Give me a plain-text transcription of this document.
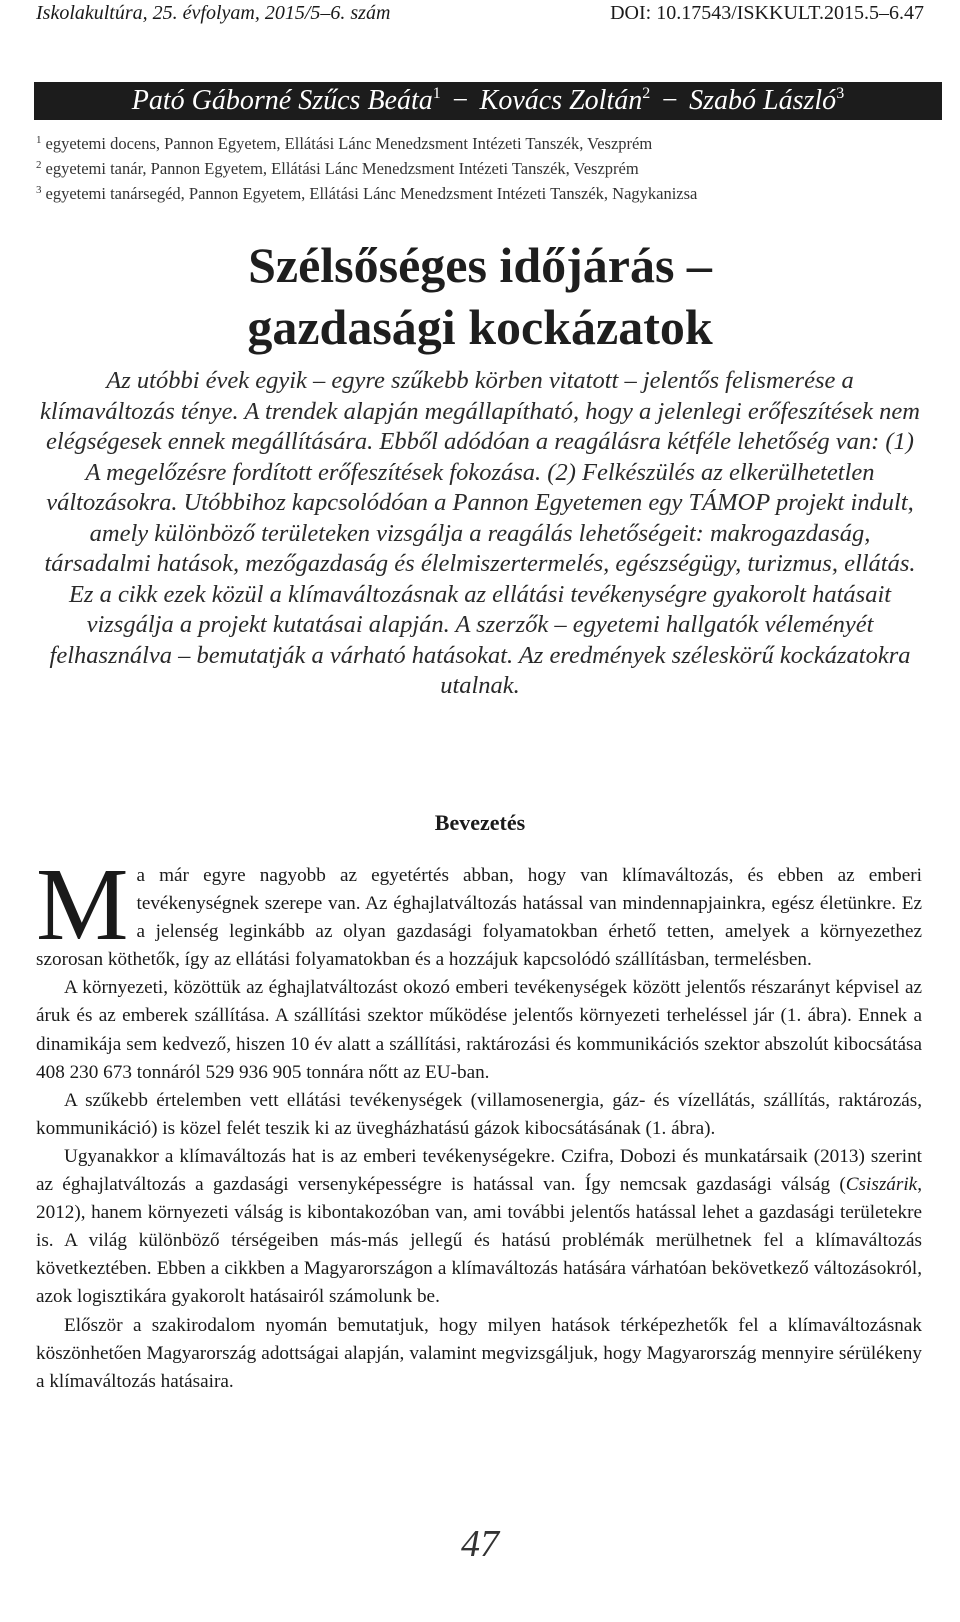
Iskolakultúra, 25. évfolyam, 2015/5–6. szám	DOI: 10.17543/ISKKULT.2015.5–6.47
Pató Gáborné Szűcs Beáta$^1$ − Kovács Zoltán$^2$ − Szabó László$^3$
$^1$ egyetemi docens, Pannon Egyetem, Ellátási Lánc Menedzsment Intézeti Tanszék, Veszprém
$^2$ egyetemi tanár, Pannon Egyetem, Ellátási Lánc Menedzsment Intézeti Tanszék, Veszprém
$^3$ egyetemi tanársegéd, Pannon Egyetem, Ellátási Lánc Menedzsment Intézeti Tanszék, Nagykanizsa
Szélsőséges időjárás –
gazdasági kockázatok
Az utóbbi évek egyik – egyre szűkebb körben vitatott – jelentős felismerése a klímaváltozás ténye. A trendek alapján megállapítható, hogy a jelenlegi erőfeszítések nem elégségesek ennek megállítására. Ebből adódóan a reagálásra kétféle lehetőség van: (1) A megelőzésre fordított erőfeszítések fokozása. (2) Felkészülés az elkerülhetetlen változásokra. Utóbbihoz kapcsolódóan a Pannon Egyetemen egy TÁMOP projekt indult, amely különböző területeken vizsgálja a reagálás lehetőségeit: makrogazdaság, társadalmi hatások, mezőgazdaság és élelmiszertermelés, egészségügy, turizmus, ellátás. Ez a cikk ezek közül a klímaváltozásnak az ellátási tevékenységre gyakorolt hatásait vizsgálja a projekt kutatásai alapján. A szerzők – egyetemi hallgatók véleményét felhasználva – bemutatják a várható hatásokat. Az eredmények széleskörű kockázatokra utalnak.
Bevezetés

Ma már egyre nagyobb az egyetértés abban, hogy van klímaváltozás, és ebben az emberi tevékenységnek szerepe van. Az éghajlatváltozás hatással van mindennapjainkra, egész életünkre. Ez a jelenség leginkább az olyan gazdasági folyamatokban érhető tetten, amelyek a környezethez szorosan köthetők, így az ellátási folyamatokban és a hozzájuk kapcsolódó szállításban, termelésben.

A környezeti, közöttük az éghajlatváltozást okozó emberi tevékenységek között jelentős részarányt képvisel az áruk és az emberek szállítása. A szállítási szektor működése jelentős környezeti terheléssel jár (1. ábra). Ennek a dinamikája sem kedvező, hiszen 10 év alatt a szállítási, raktározási és kommunikációs szektor abszolút kibocsátása 408 230 673 tonnáról 529 936 905 tonnára nőtt az EU-ban.

A szűkebb értelemben vett ellátási tevékenységek (villamosenergia, gáz- és vízellátás, szállítás, raktározás, kommunikáció) is közel felét teszik ki az üvegházhatású gázok kibocsátásának (1. ábra).

Ugyanakkor a klímaváltozás hat is az emberi tevékenységekre. Czifra, Dobozi és munkatársaik (2013) szerint az éghajlatváltozás a gazdasági versenyképességre is hatással van. Így nemcsak gazdasági válság (Csiszárik, 2012), hanem környezeti válság is kibontakozóban van, ami további jelentős hatással lehet a gazdasági területekre is. A világ különböző térségeiben más-más jellegű és hatású problémák merülhetnek fel a klímaváltozás következtében. Ebben a cikkben a Magyarországon a klímaváltozás hatására várhatóan bekövetkező változásokról, azok logisztikára gyakorolt hatásairól számolunk be.

Először a szakirodalom nyomán bemutatjuk, hogy milyen hatások térképezhetők fel a klímaváltozásnak köszönhetően Magyarország adottságai alapján, valamint megvizsgáljuk, hogy Magyarország mennyire sérülékeny a klímaváltozás hatásaira.

47
